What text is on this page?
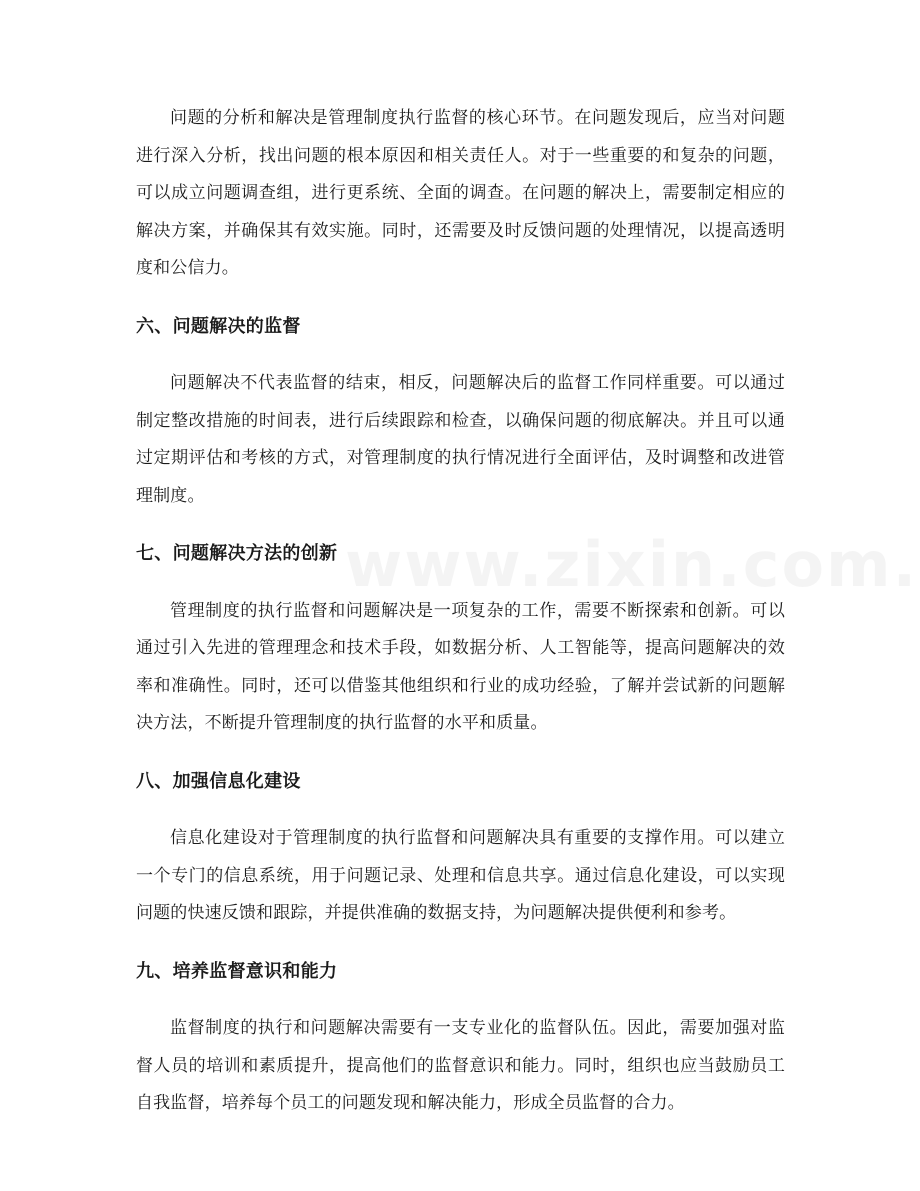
问题的分析和解决是管理制度执行监督的核心环节。在问题发现后，应当对问题进行深入分析，找出问题的根本原因和相关责任人。对于一些重要的和复杂的问题，可以成立问题调查组，进行更系统、全面的调查。在问题的解决上，需要制定相应的解决方案，并确保其有效实施。同时，还需要及时反馈问题的处理情况，以提高透明度和公信力。

六、问题解决的监督

问题解决不代表监督的结束，相反，问题解决后的监督工作同样重要。可以通过制定整改措施的时间表，进行后续跟踪和检查，以确保问题的彻底解决。并且可以通过定期评估和考核的方式，对管理制度的执行情况进行全面评估，及时调整和改进管理制度。

七、问题解决方法的创新

管理制度的执行监督和问题解决是一项复杂的工作，需要不断探索和创新。可以通过引入先进的管理理念和技术手段，如数据分析、人工智能等，提高问题解决的效率和准确性。同时，还可以借鉴其他组织和行业的成功经验，了解并尝试新的问题解决方法，不断提升管理制度的执行监督的水平和质量。

八、加强信息化建设

信息化建设对于管理制度的执行监督和问题解决具有重要的支撑作用。可以建立一个专门的信息系统，用于问题记录、处理和信息共享。通过信息化建设，可以实现问题的快速反馈和跟踪，并提供准确的数据支持，为问题解决提供便利和参考。

九、培养监督意识和能力

监督制度的执行和问题解决需要有一支专业化的监督队伍。因此，需要加强对监督人员的培训和素质提升，提高他们的监督意识和能力。同时，组织也应当鼓励员工自我监督，培养每个员工的问题发现和解决能力，形成全员监督的合力。
